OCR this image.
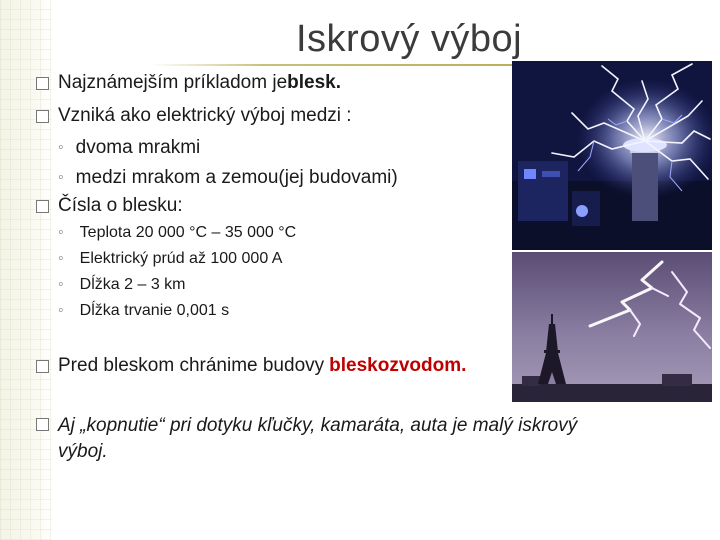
Iskrový výboj
Najznámejším príkladom je blesk.
Vzniká ako elektrický výboj medzi :
◦ dvoma mrakmi
◦ medzi mrakom a zemou(jej budovami)
Čísla o blesku:
◦ Teplota 20 000 °C – 35 000 °C
◦ Elektrický prúd až 100 000 A
◦ Dĺžka 2 – 3 km
◦ Dĺžka trvanie 0,001 s
Pred bleskom chránime budovy bleskozvodom.
Aj „kopnutie“ pri dotyku kľučky, kamaráta, auta je malý iskrový
výboj.
